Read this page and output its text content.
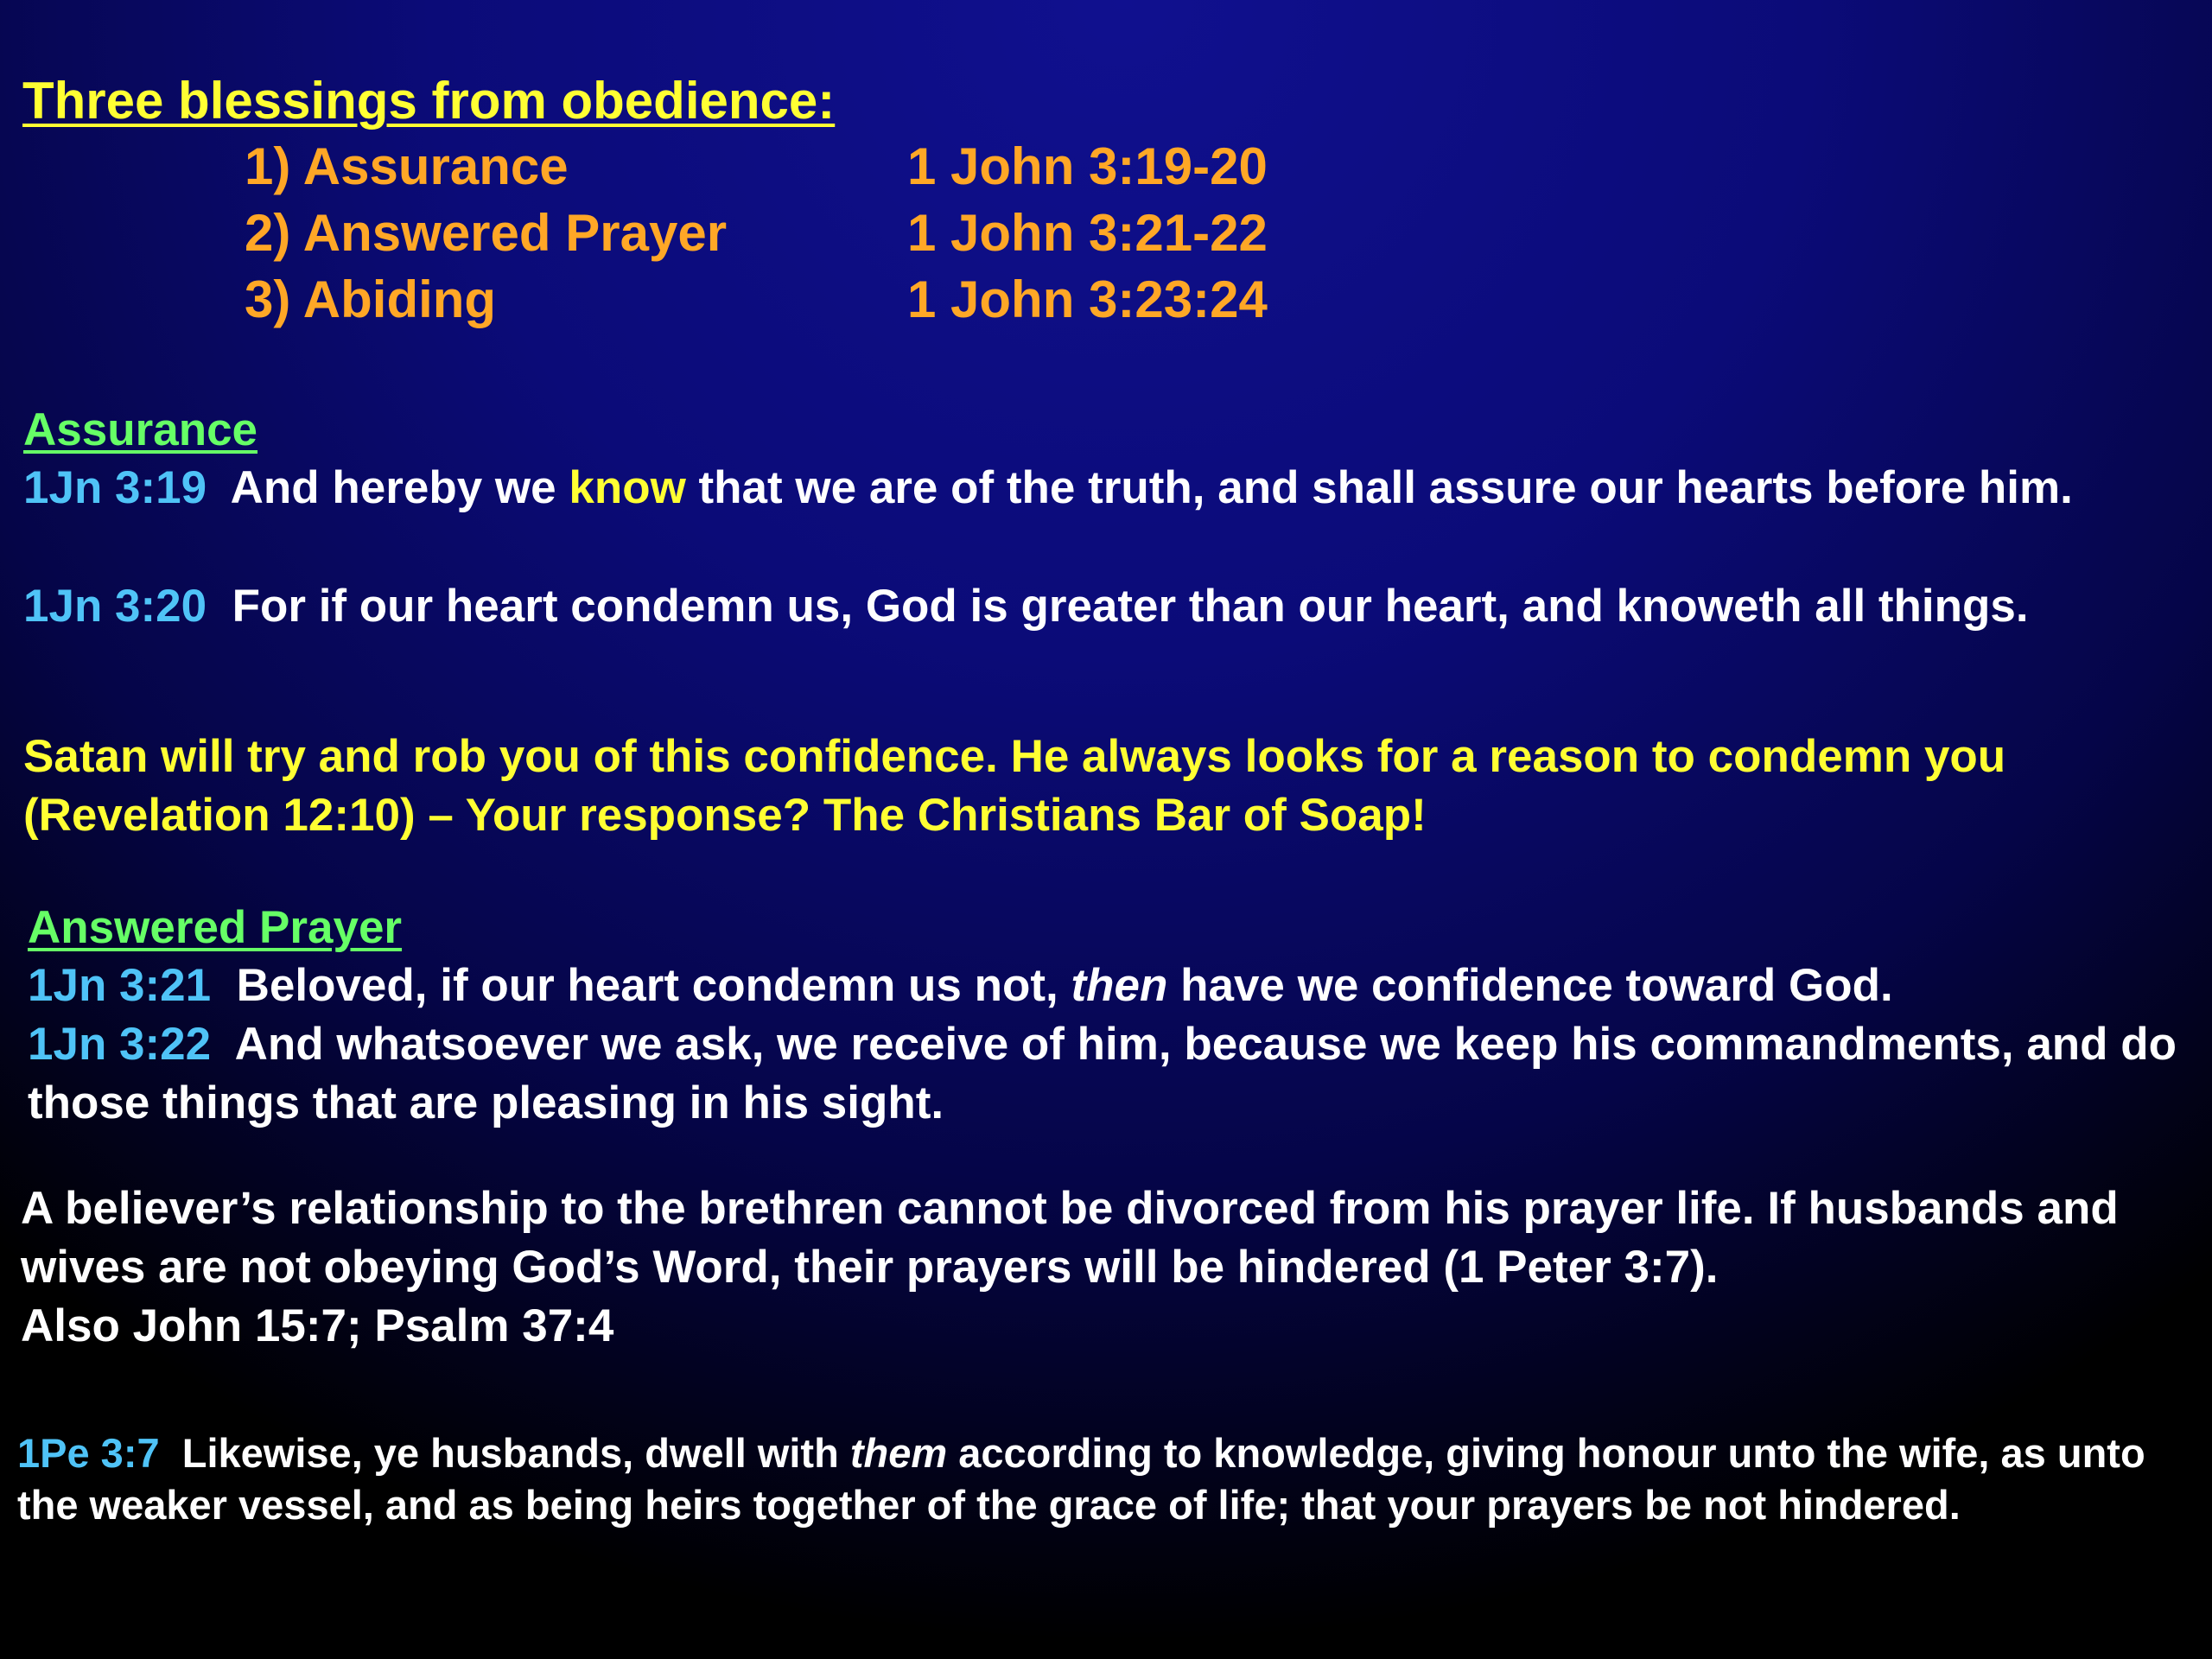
Three blessings from obedience:
1) Assurance	1 John 3:19-20
2) Answered Prayer	1 John 3:21-22
3) Abiding	1 John 3:23:24
Assurance
1Jn 3:19 And hereby we know that we are of the truth, and shall assure our hearts before him.
1Jn 3:20 For if our heart condemn us, God is greater than our heart, and knoweth all things.
Satan will try and rob you of this confidence. He always looks for a reason to condemn you (Revelation 12:10) – Your response? The Christians Bar of Soap!
Answered Prayer
1Jn 3:21 Beloved, if our heart condemn us not, then have we confidence toward God.
1Jn 3:22 And whatsoever we ask, we receive of him, because we keep his commandments, and do those things that are pleasing in his sight.
A believer’s relationship to the brethren cannot be divorced from his prayer life. If husbands and wives are not obeying God’s Word, their prayers will be hindered (1 Peter 3:7).
Also John 15:7; Psalm 37:4
1Pe 3:7 Likewise, ye husbands, dwell with them according to knowledge, giving honour unto the wife, as unto the weaker vessel, and as being heirs together of the grace of life; that your prayers be not hindered.
